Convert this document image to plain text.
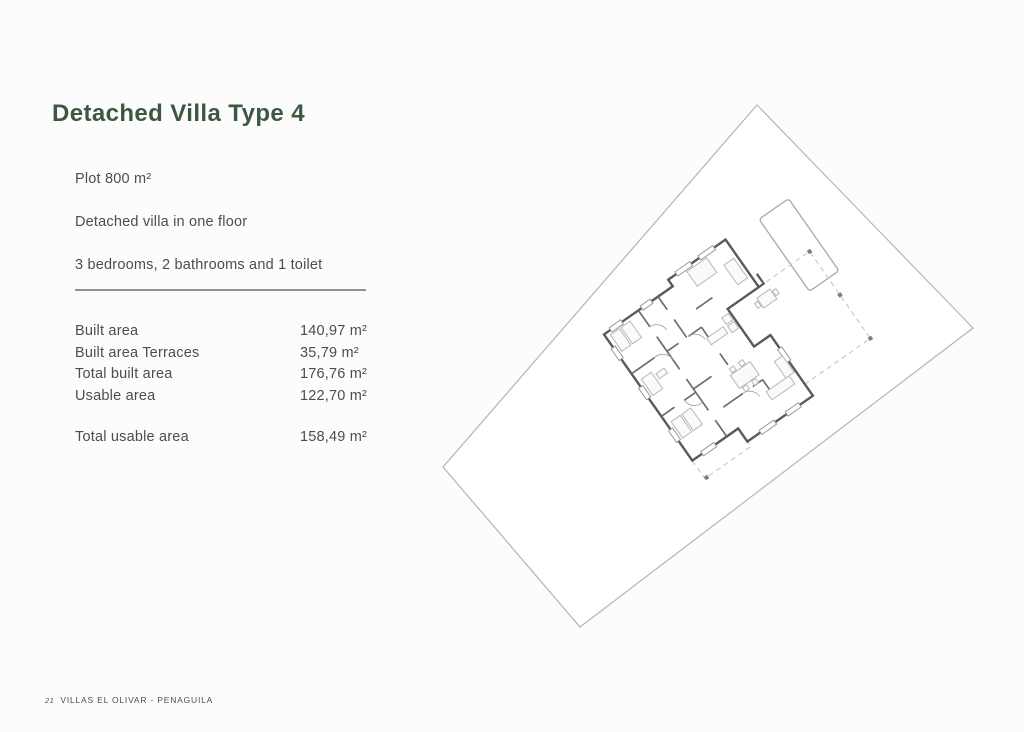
Detached Villa Type 4

Plot 800 m²

Detached villa in one floor

3 bedrooms, 2 bathrooms and 1 toilet

Built area	140,97 m²
Built area Terraces	35,79 m²
Total built area	176,76 m²
Usable area	122,70 m²
Total usable area	158,49 m²
21 VILLAS EL OLIVAR - PENAGUILA
